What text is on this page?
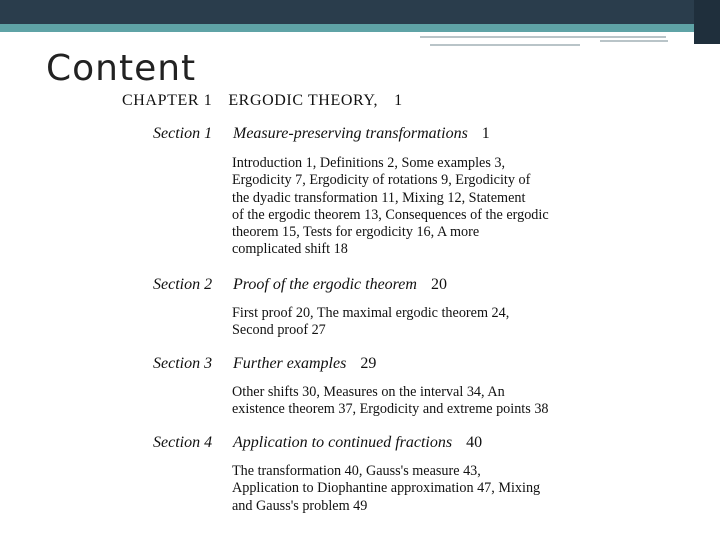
Content
CHAPTER 1 ERGODIC THEORY, 1
Section 1 Measure-preserving transformations 1
Introduction 1, Definitions 2, Some examples 3,
Ergodicity 7, Ergodicity of rotations 9, Ergodicity of
the dyadic transformation 11, Mixing 12, Statement
of the ergodic theorem 13, Consequences of the ergodic
theorem 15, Tests for ergodicity 16, A more
complicated shift 18
Section 2 Proof of the ergodic theorem 20
First proof 20, The maximal ergodic theorem 24,
Second proof 27
Section 3 Further examples 29
Other shifts 30, Measures on the interval 34, An
existence theorem 37, Ergodicity and extreme points 38
Section 4 Application to continued fractions 40
The transformation 40, Gauss's measure 43,
Application to Diophantine approximation 47, Mixing
and Gauss's problem 49
